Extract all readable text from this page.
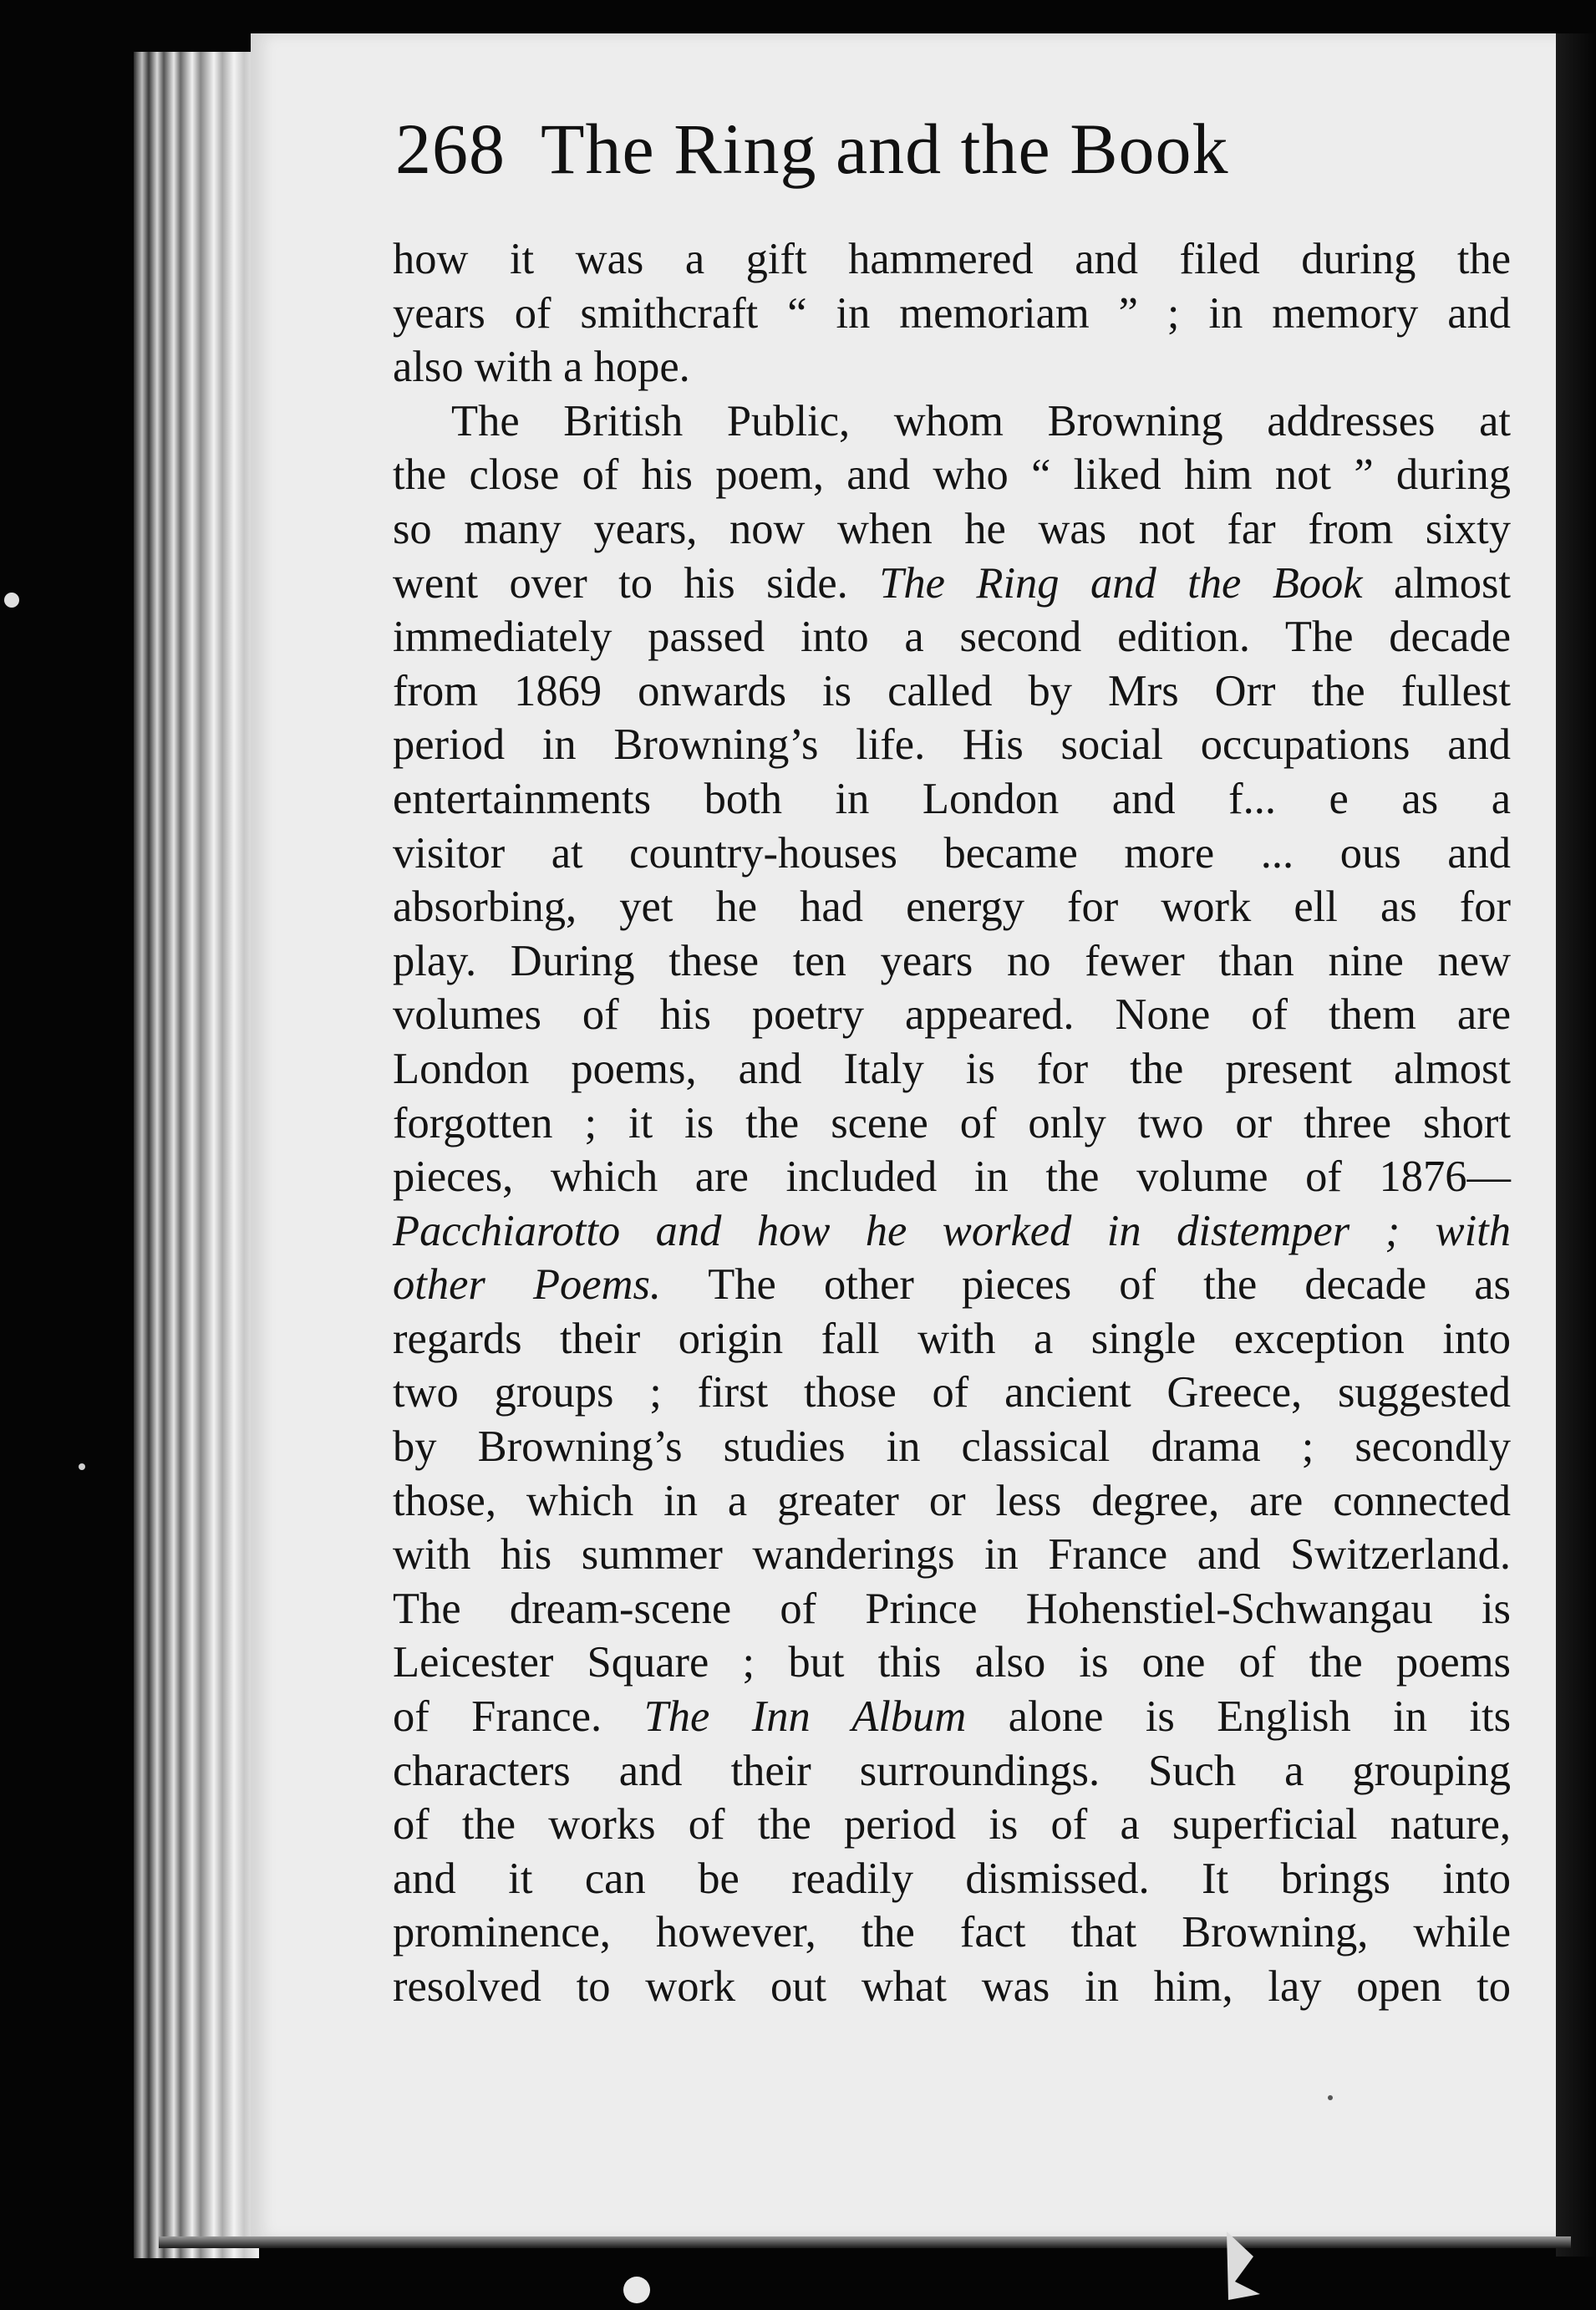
268 The Ring and the Book
how it was a gift hammered and filed during the
years of smithcraft “ in memoriam ” ; in memory and
also with a hope.
The British Public, whom Browning addresses at
the close of his poem, and who “ liked him not ” during
so many years, now when he was not far from sixty
went over to his side. The Ring and the Book almost
immediately passed into a second edition. The decade
from 1869 onwards is called by Mrs Orr the fullest
period in Browning’s life. His social occupations and
entertainments both in London and f... e as a
visitor at country-houses became more ... ous and
absorbing, yet he had energy for work ell as for
play. During these ten years no fewer than nine new
volumes of his poetry appeared. None of them are
London poems, and Italy is for the present almost
forgotten ; it is the scene of only two or three short
pieces, which are included in the volume of 1876—
Pacchiarotto and how he worked in distemper ; with
other Poems. The other pieces of the decade as
regards their origin fall with a single exception into
two groups ; first those of ancient Greece, suggested
by Browning’s studies in classical drama ; secondly
those, which in a greater or less degree, are connected
with his summer wanderings in France and Switzerland.
The dream-scene of Prince Hohenstiel-Schwangau is
Leicester Square ; but this also is one of the poems
of France. The Inn Album alone is English in its
characters and their surroundings. Such a grouping
of the works of the period is of a superficial nature,
and it can be readily dismissed. It brings into
prominence, however, the fact that Browning, while
resolved to work out what was in him, lay open to
